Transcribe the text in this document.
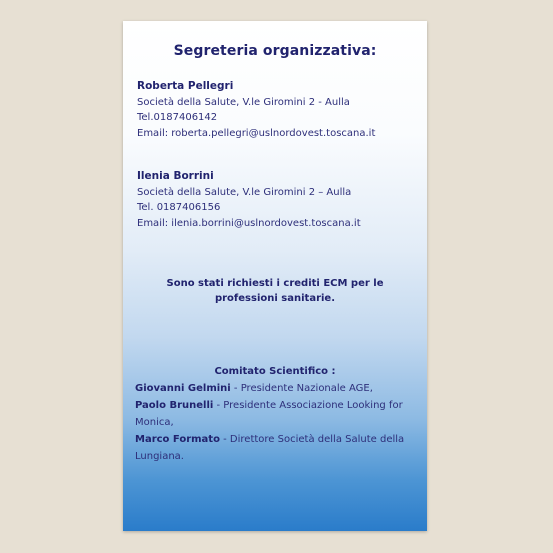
Segreteria organizzativa:
Roberta Pellegri
Società della Salute, V.le Giromini 2 - Aulla
Tel.0187406142
Email: roberta.pellegri@uslnordovest.toscana.it
Ilenia Borrini
Società della Salute, V.le Giromini 2 – Aulla
Tel. 0187406156
Email: ilenia.borrini@uslnordovest.toscana.it
Sono stati richiesti i crediti ECM per le professioni sanitarie.
Comitato Scientifico :
Giovanni Gelmini - Presidente Nazionale AGE,
Paolo Brunelli - Presidente Associazione Looking for Monica,
Marco Formato - Direttore Società della Salute della Lungiana.
